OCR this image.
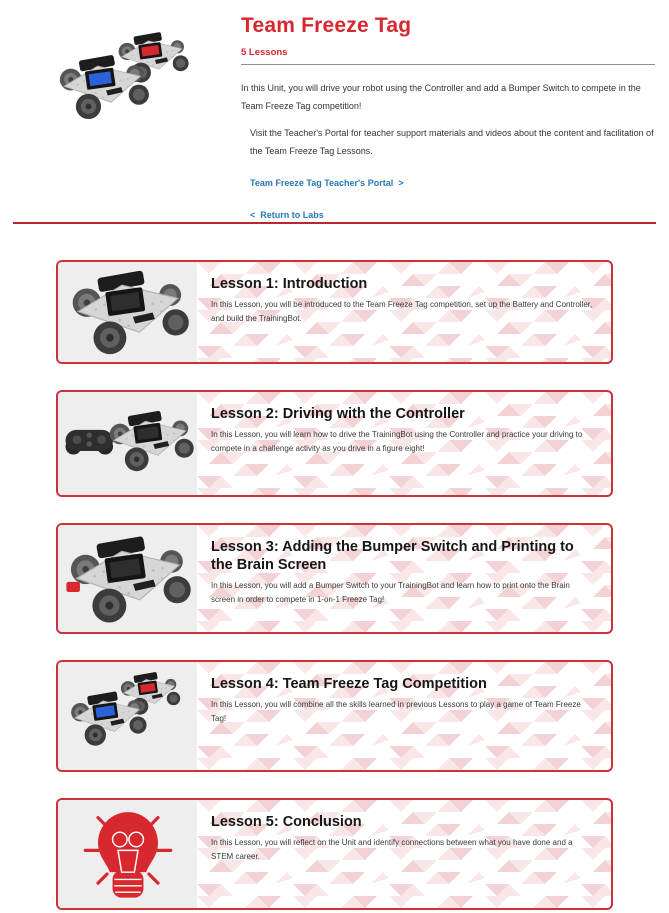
Team Freeze Tag
5 Lessons

In this Unit, you will drive your robot using the Controller and add a Bumper Switch to compete in the Team Freeze Tag competition!

Visit the Teacher's Portal for teacher support materials and videos about the content and facilitation of the Team Freeze Tag Lessons.

Team Freeze Tag Teacher's Portal >
< Return to Labs
Lesson 1: Introduction

In this Lesson, you will be introduced to the Team Freeze Tag competition, set up the Battery and Controller, and build the TrainingBot.

Lesson 2: Driving with the Controller

In this Lesson, you will learn how to drive the TrainingBot using the Controller and practice your driving to compete in a challenge activity as you drive in a figure eight!

Lesson 3: Adding the Bumper Switch and Printing to the Brain Screen

In this Lesson, you will add a Bumper Switch to your TrainingBot and learn how to print onto the Brain screen in order to compete in 1-on-1 Freeze Tag!

Lesson 4: Team Freeze Tag Competition

In this Lesson, you will combine all the skills learned in previous Lessons to play a game of Team Freeze Tag!

Lesson 5: Conclusion

In this Lesson, you will reflect on the Unit and identify connections between what you have done and a STEM career.
